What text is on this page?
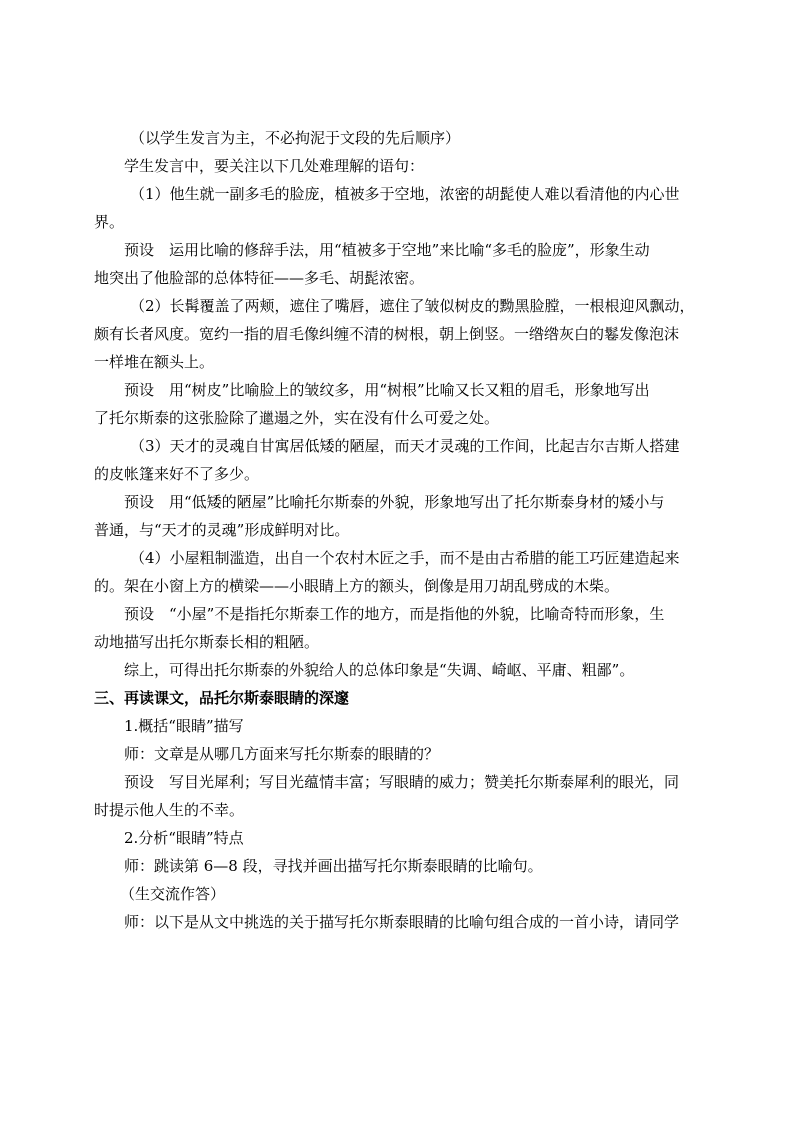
（以学生发言为主，不必拘泥于文段的先后顺序）
学生发言中，要关注以下几处难理解的语句：
（1）他生就一副多毛的脸庞，植被多于空地，浓密的胡髭使人难以看清他的内心世
界。
预设　运用比喻的修辞手法，用“植被多于空地”来比喻“多毛的脸庞”，形象生动
地突出了他脸部的总体特征——多毛、胡髭浓密。
（2）长髯覆盖了两颊，遮住了嘴唇，遮住了皱似树皮的黝黑脸膛，一根根迎风飘动，
颇有长者风度。宽约一指的眉毛像纠缠不清的树根，朝上倒竖。一绺绺灰白的鬈发像泡沫
一样堆在额头上。
预设　用“树皮”比喻脸上的皱纹多，用“树根”比喻又长又粗的眉毛，形象地写出
了托尔斯泰的这张脸除了邋遢之外，实在没有什么可爱之处。
（3）天才的灵魂自甘寓居低矮的陋屋，而天才灵魂的工作间，比起吉尔吉斯人搭建
的皮帐篷来好不了多少。
预设　用“低矮的陋屋”比喻托尔斯泰的外貌，形象地写出了托尔斯泰身材的矮小与
普通，与“天才的灵魂”形成鲜明对比。
（4）小屋粗制滥造，出自一个农村木匠之手，而不是由古希腊的能工巧匠建造起来
的。架在小窗上方的横梁——小眼睛上方的额头，倒像是用刀胡乱劈成的木柴。
预设　“小屋”不是指托尔斯泰工作的地方，而是指他的外貌，比喻奇特而形象，生
动地描写出托尔斯泰长相的粗陋。
综上，可得出托尔斯泰的外貌给人的总体印象是“失调、崎岖、平庸、粗鄙”。
三、再读课文，品托尔斯泰眼睛的深邃
1.概括“眼睛”描写
师：文章是从哪几方面来写托尔斯泰的眼睛的？
预设　写目光犀利；写目光蕴情丰富；写眼睛的威力；赞美托尔斯泰犀利的眼光，同
时提示他人生的不幸。
2.分析“眼睛”特点
师：跳读第 6—8 段，寻找并画出描写托尔斯泰眼睛的比喻句。
（生交流作答）
师：以下是从文中挑选的关于描写托尔斯泰眼睛的比喻句组合成的一首小诗，请同学
